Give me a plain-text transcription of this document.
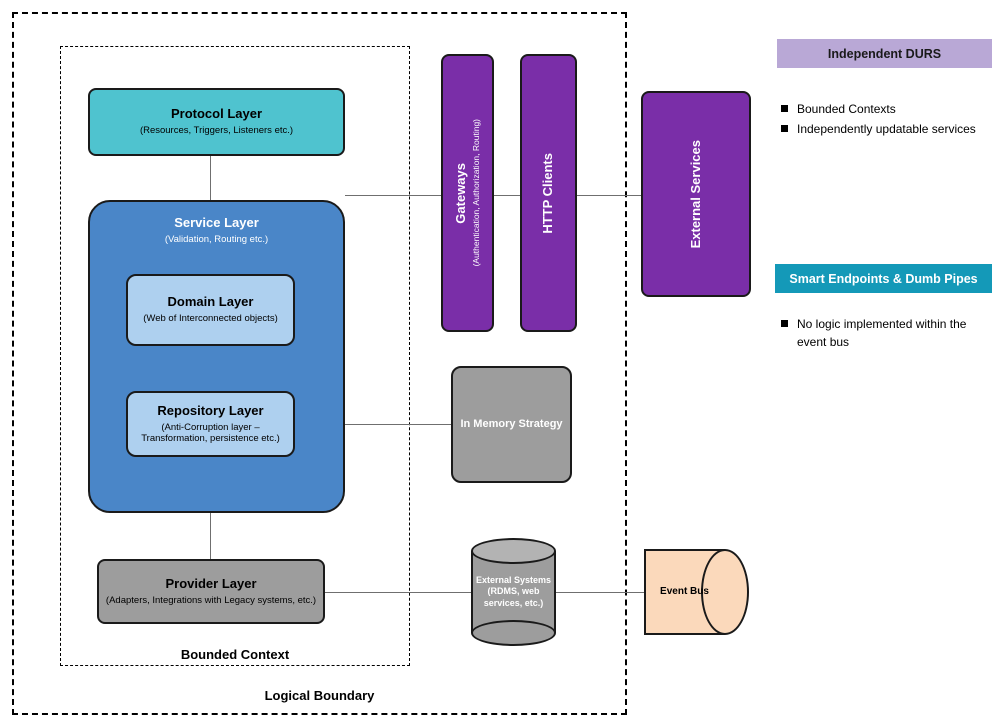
Logical Boundary
Bounded Context
Protocol Layer
(Resources, Triggers, Listeners etc.)
Service Layer
(Validation, Routing etc.)
Domain Layer
(Web of Interconnected objects)
Repository Layer
(Anti-Corruption layer – Transformation, persistence etc.)
Provider Layer
(Adapters, Integrations with Legacy systems, etc.)
Gateways (Authentication, Authorization, Routing)	HTTP Clients	External Services
In Memory Strategy
External Systems (RDMS, web services, etc.)
Event Bus
Independent DURS
Bounded Contexts
Independently updatable services
Smart Endpoints & Dumb Pipes
No logic implemented within the event bus
